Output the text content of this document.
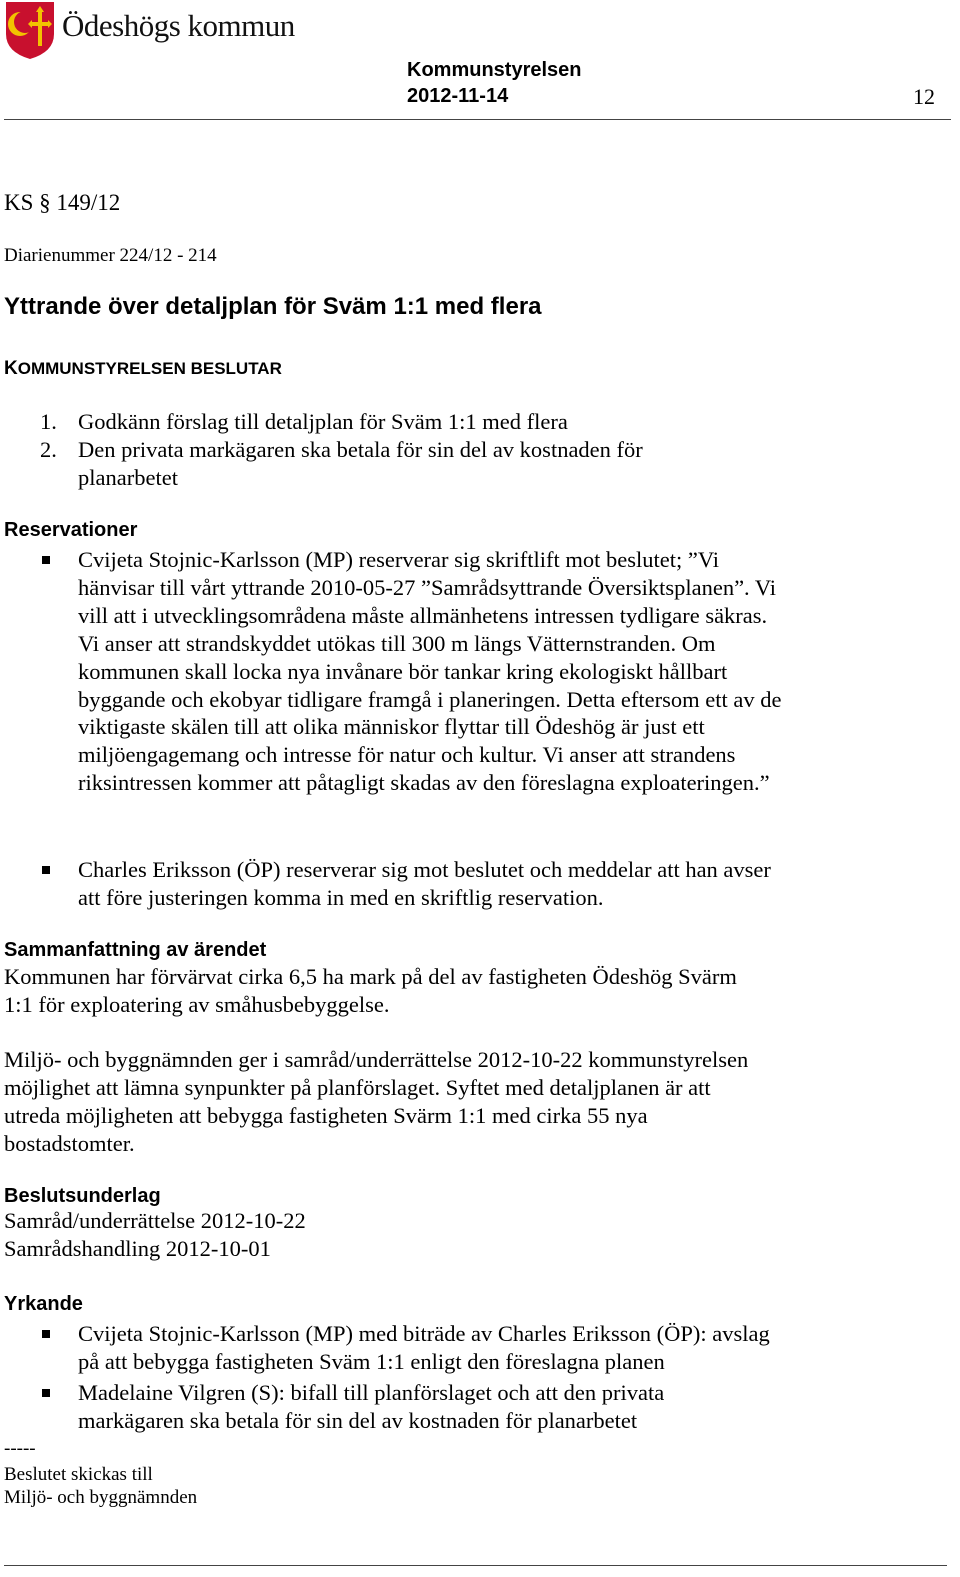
Ödeshögs kommun
Kommunstyrelsen
2012-11-14	12
KS § 149/12
Diarienummer 224/12 - 214
Yttrande över detaljplan för Sväm 1:1 med flera
KOMMUNSTYRELSEN BESLUTAR
1. Godkänn förslag till detaljplan för Sväm 1:1 med flera
2. Den privata markägaren ska betala för sin del av kostnaden för planarbetet
Reservationer
Cvijeta Stojnic-Karlsson (MP) reserverar sig skriftlift mot beslutet; ”Vi hänvisar till vårt yttrande 2010-05-27 ”Samrådsyttrande Översiktsplanen”. Vi vill att i utvecklingsområdena måste allmänhetens intressen tydligare säkras. Vi anser att strandskyddet utökas till 300 m längs Vätternstranden. Om kommunen skall locka nya invånare bör tankar kring ekologiskt hållbart byggande och ekobyar tidligare framgå i planeringen. Detta eftersom ett av de viktigaste skälen till att olika människor flyttar till Ödeshög är just ett miljöengagemang och intresse för natur och kultur. Vi anser att strandens riksintressen kommer att påtagligt skadas av den föreslagna exploateringen.”
Charles Eriksson (ÖP) reserverar sig mot beslutet och meddelar att han avser att före justeringen komma in med en skriftlig reservation.
Sammanfattning av ärendet
Kommunen har förvärvat cirka 6,5 ha mark på del av fastigheten Ödeshög Svärm 1:1 för exploatering av småhusbebyggelse.
Miljö- och byggnämnden ger i samråd/underrättelse 2012-10-22 kommunstyrelsen möjlighet att lämna synpunkter på planförslaget. Syftet med detaljplanen är att utreda möjligheten att bebygga fastigheten Svärm 1:1 med cirka 55 nya bostadstomter.
Beslutsunderlag
Samråd/underrättelse 2012-10-22
Samrådshandling 2012-10-01
Yrkande
Cvijeta Stojnic-Karlsson (MP) med biträde av Charles Eriksson (ÖP): avslag på att bebygga fastigheten Sväm 1:1 enligt den föreslagna planen
Madelaine Vilgren (S): bifall till planförslaget och att den privata markägaren ska betala för sin del av kostnaden för planarbetet
-----
Beslutet skickas till
Miljö- och byggnämnden
